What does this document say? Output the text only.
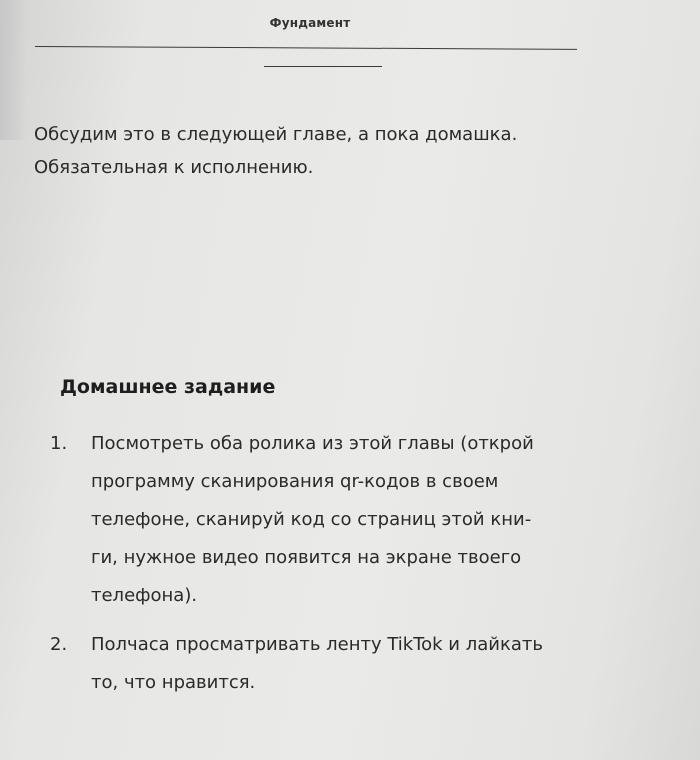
Фундамент

Обсудим это в следующей главе, а пока домашка.
Обязательная к исполнению.

Домашнее задание
1. Посмотреть оба ролика из этой главы (открой
программу сканирования qr-кодов в своем
телефоне, сканируй код со страниц этой кни-
ги, нужное видео появится на экране твоего
телефона).
2. Полчаса просматривать ленту TikTok и лайкать
то, что нравится.
